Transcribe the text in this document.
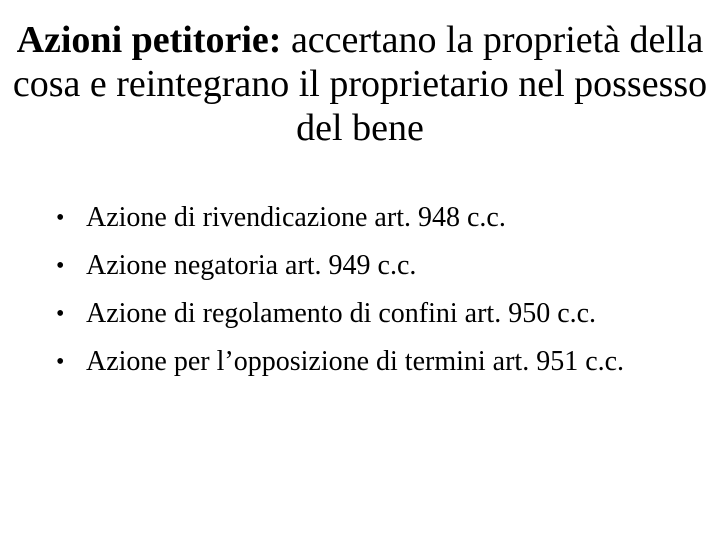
Azioni petitorie: accertano la proprietà della cosa e reintegrano il proprietario nel possesso del bene
• Azione di rivendicazione art. 948 c.c.
• Azione negatoria art. 949 c.c.
• Azione di regolamento di confini art. 950 c.c.
• Azione per l’opposizione di termini art. 951 c.c.
